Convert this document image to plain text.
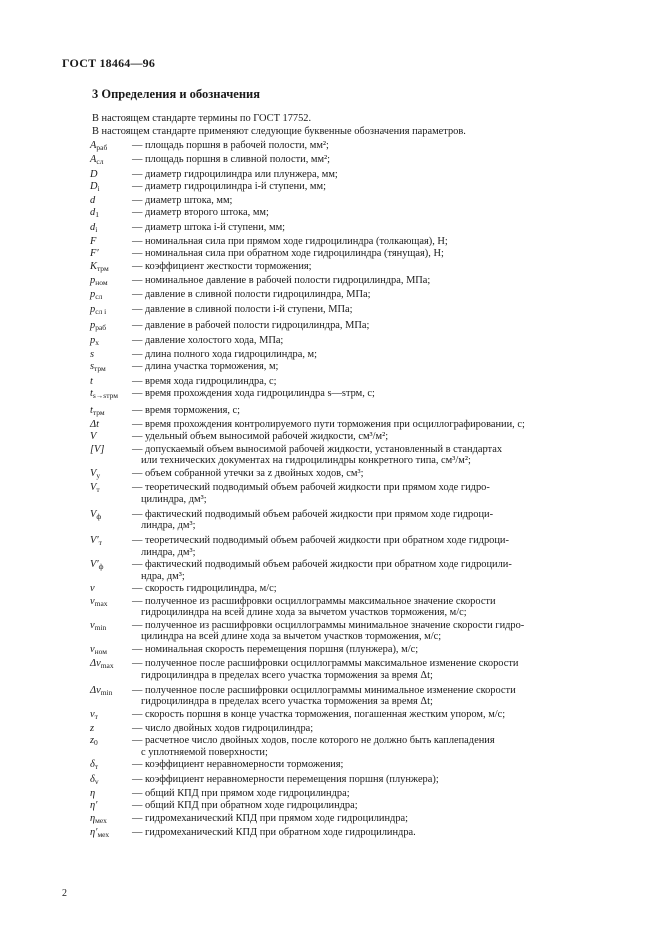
ГОСТ 18464—96
3 Определения и обозначения
В настоящем стандарте термины по ГОСТ 17752.
В настоящем стандарте применяют следующие буквенные обозначения параметров.
$A_{раб}$	— площадь поршня в рабочей полости, мм²;
$A_{сл}$	— площадь поршня в сливной полости, мм²;
D	— диаметр гидроцилиндра или плунжера, мм;
$D_i$	— диаметр гидроцилиндра i-й ступени, мм;
d	— диаметр штока, мм;
$d_1$	— диаметр второго штока, мм;
$d_i$	— диаметр штока i-й ступени, мм;
F	— номинальная сила при прямом ходе гидроцилиндра (толкающая), Н;
F′	— номинальная сила при обратном ходе гидроцилиндра (тянущая), Н;
$K_{трм}$	— коэффициент жесткости торможения;
$p_{ном}$	— номинальное давление в рабочей полости гидроцилиндра, МПа;
$p_{сл}$	— давление в сливной полости гидроцилиндра, МПа;
$p_{сл i}$	— давление в сливной полости i-й ступени, МПа;
$p_{раб}$	— давление в рабочей полости гидроцилиндра, МПа;
$p_х$	— давление холостого хода, МПа;
s	— длина полного хода гидроцилиндра, м;
$s_{трм}$	— длина участка торможения, м;
t	— время хода гидроцилиндра, с;
$t_{s\to sтрм}$	— время прохождения хода гидроцилиндра s—sтрм, с;
$t_{трм}$	— время торможения, с;
Δt	— время прохождения контролируемого пути торможения при осциллографировании, с;
V	— удельный объем выносимой рабочей жидкости, см³/м²;
[V]	— допускаемый объем выносимой рабочей жидкости, установленный в стандартах
или технических документах на гидроцилиндры конкретного типа, см³/м²;
$V_у$	— объем собранной утечки за z двойных ходов, см³;
$V_т$	— теоретический подводимый объем рабочей жидкости при прямом ходе гидро-
цилиндра, дм³;
$V_ф$	— фактический подводимый объем рабочей жидкости при прямом ходе гидроци-
линдра, дм³;
$V'_т$	— теоретический подводимый объем рабочей жидкости при обратном ходе гидроци-
линдра, дм³;
$V'_ф$	— фактический подводимый объем рабочей жидкости при обратном ходе гидроцили-
ндра, дм³;
v	— скорость гидроцилиндра, м/с;
$v_{max}$	— полученное из расшифровки осциллограммы максимальное значение скорости
гидроцилиндра на всей длине хода за вычетом участков торможения, м/с;
$v_{min}$	— полученное из расшифровки осциллограммы минимальное значение скорости гидро-
цилиндра на всей длине хода за вычетом участков торможения, м/с;
$v_{ном}$	— номинальная скорость перемещения поршня (плунжера), м/с;
$\Delta v_{max}$	— полученное после расшифровки осциллограммы максимальное изменение скорости
гидроцилиндра в пределах всего участка торможения за время Δt;
$\Delta v_{min}$	— полученное после расшифровки осциллограммы минимальное изменение скорости
гидроцилиндра в пределах всего участка торможения за время Δt;
$v_т$	— скорость поршня в конце участка торможения, погашенная жестким упором, м/с;
z	— число двойных ходов гидроцилиндра;
$z_0$	— расчетное число двойных ходов, после которого не должно быть каплепадения
с уплотняемой поверхности;
$\delta_т$	— коэффициент неравномерности торможения;
$\delta_v$	— коэффициент неравномерности перемещения поршня (плунжера);
η	— общий КПД при прямом ходе гидроцилиндра;
η′	— общий КПД при обратном ходе гидроцилиндра;
$\eta_{мех}$	— гидромеханический КПД при прямом ходе гидроцилиндра;
$\eta'_{мех}$	— гидромеханический КПД при обратном ходе гидроцилиндра.
2
